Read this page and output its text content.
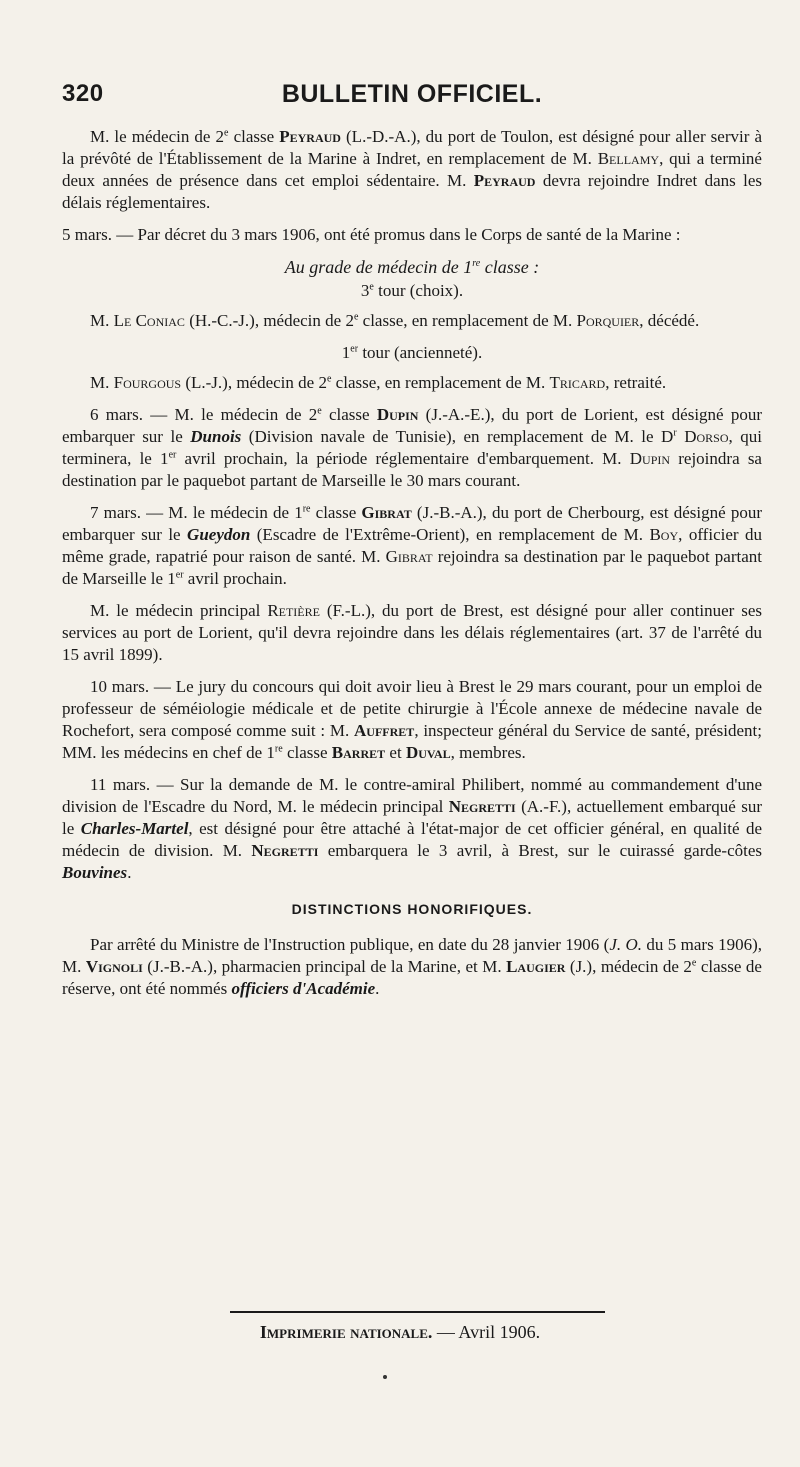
320	BULLETIN OFFICIEL.

M. le médecin de 2e classe Peyraud (L.-D.-A.), du port de Toulon, est désigné pour aller servir à la prévôté de l'Établissement de la Marine à Indret, en remplacement de M. Bellamy, qui a terminé deux années de présence dans cet emploi sédentaire. M. Peyraud devra rejoindre Indret dans les délais réglementaires.

5 mars. — Par décret du 3 mars 1906, ont été promus dans le Corps de santé de la Marine :

Au grade de médecin de 1re classe :

3e tour (choix).

M. Le Coniac (H.-C.-J.), médecin de 2e classe, en remplacement de M. Porquier, décédé.

1er tour (ancienneté).

M. Fourgous (L.-J.), médecin de 2e classe, en remplacement de M. Tricard, retraité.

6 mars. — M. le médecin de 2e classe Dupin (J.-A.-E.), du port de Lorient, est désigné pour embarquer sur le Dunois (Division navale de Tunisie), en remplacement de M. le $D^r$ Dorso, qui terminera, le 1er avril prochain, la période réglementaire d'embarquement. M. Dupin rejoindra sa destination par le paquebot partant de Marseille le 30 mars courant.

7 mars. — M. le médecin de 1re classe Gibrat (J.-B.-A.), du port de Cherbourg, est désigné pour embarquer sur le Gueydon (Escadre de l'Extrême-Orient), en remplacement de M. Boy, officier du même grade, rapatrié pour raison de santé. M. Gibrat rejoindra sa destination par le paquebot partant de Marseille le 1er avril prochain.

M. le médecin principal Retière (F.-L.), du port de Brest, est désigné pour aller continuer ses services au port de Lorient, qu'il devra rejoindre dans les délais réglementaires (art. 37 de l'arrêté du 15 avril 1899).

10 mars. — Le jury du concours qui doit avoir lieu à Brest le 29 mars courant, pour un emploi de professeur de séméiologie médicale et de petite chirurgie à l'École annexe de médecine navale de Rochefort, sera composé comme suit : M. Auffret, inspecteur général du Service de santé, président; MM. les médecins en chef de 1re classe Barret et Duval, membres.

11 mars. — Sur la demande de M. le contre-amiral Philibert, nommé au commandement d'une division de l'Escadre du Nord, M. le médecin principal Negretti (A.-F.), actuellement embarqué sur le Charles-Martel, est désigné pour être attaché à l'état-major de cet officier général, en qualité de médecin de division. M. Negretti embarquera le 3 avril, à Brest, sur le cuirassé garde-côtes Bouvines.

DISTINCTIONS HONORIFIQUES.

Par arrêté du Ministre de l'Instruction publique, en date du 28 janvier 1906 (J. O. du 5 mars 1906), M. Vignoli (J.-B.-A.), pharmacien principal de la Marine, et M. Laugier (J.), médecin de 2e classe de réserve, ont été nommés officiers d'Académie.

Imprimerie nationale. — Avril 1906.
